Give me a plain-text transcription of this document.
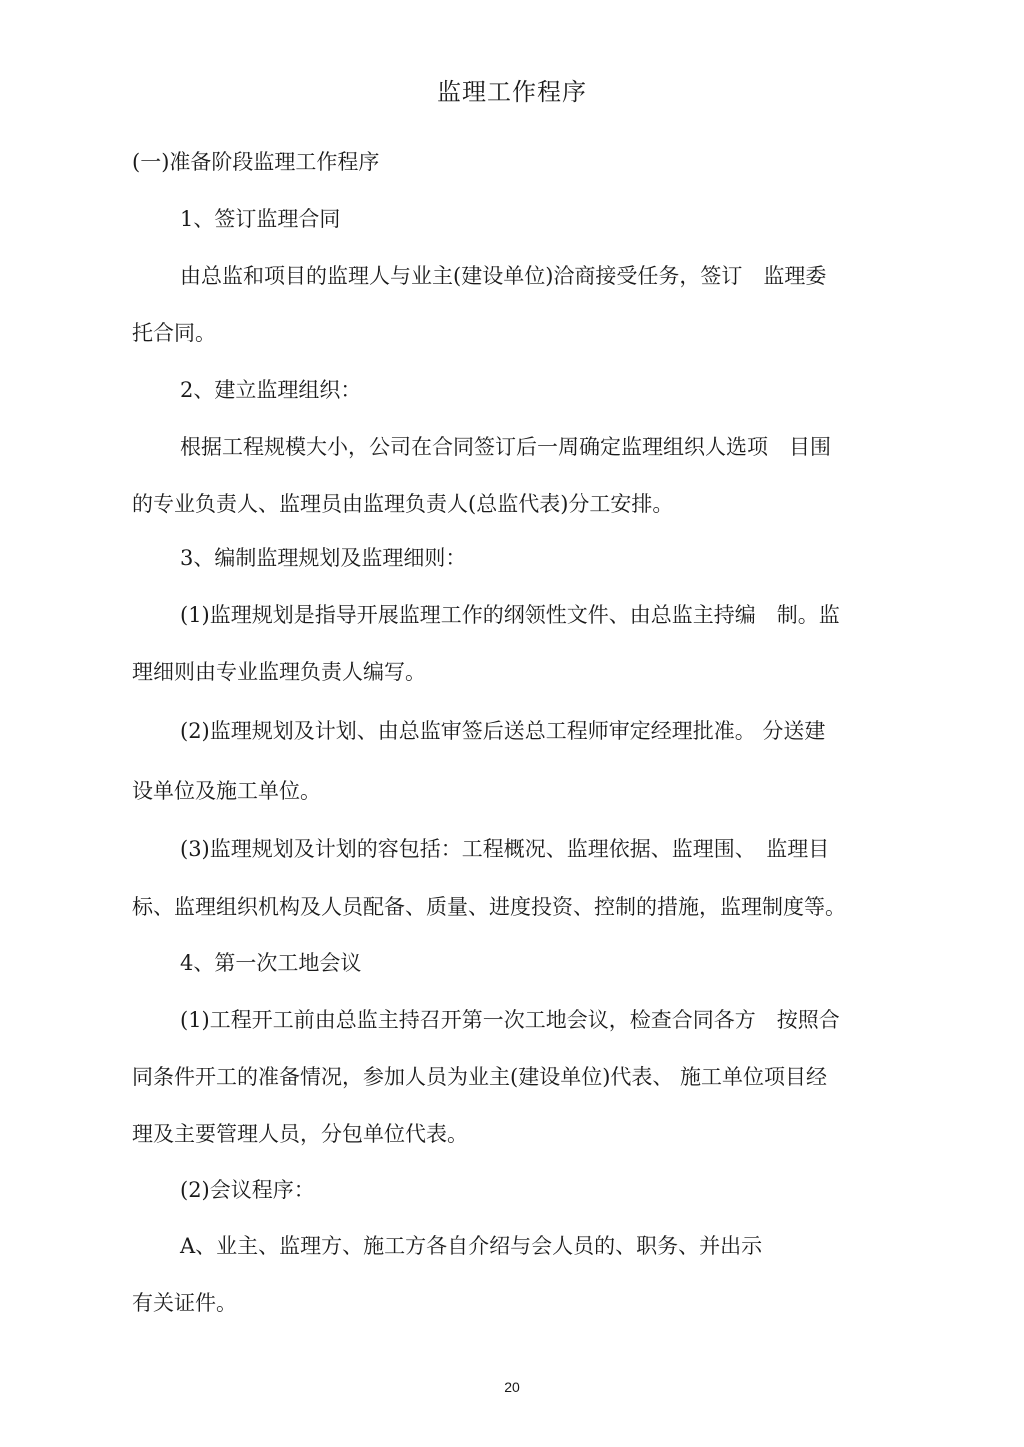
监理工作程序
(一)准备阶段监理工作程序
1、签订监理合同
由总监和项目的监理人与业主(建设单位)洽商接受任务，签订　监理委
托合同。
2、建立监理组织：
根据工程规模大小，公司在合同签订后一周确定监理组织人选项　目围
的专业负责人、监理员由监理负责人(总监代表)分工安排。
3、编制监理规划及监理细则：
(1)监理规划是指导开展监理工作的纲领性文件、由总监主持编　制。监
理细则由专业监理负责人编写。
(2)监理规划及计划、由总监审签后送总工程师审定经理批准。 分送建
设单位及施工单位。
(3)监理规划及计划的容包括：工程概况、监理依据、监理围、　监理目
标、监理组织机构及人员配备、质量、进度投资、控制的措施，监理制度等。
4、第一次工地会议
(1)工程开工前由总监主持召开第一次工地会议，检查合同各方　按照合
同条件开工的准备情况，参加人员为业主(建设单位)代表、 施工单位项目经
理及主要管理人员，分包单位代表。
(2)会议程序：
A、业主、监理方、施工方各自介绍与会人员的、职务、并出示
有关证件。
20
